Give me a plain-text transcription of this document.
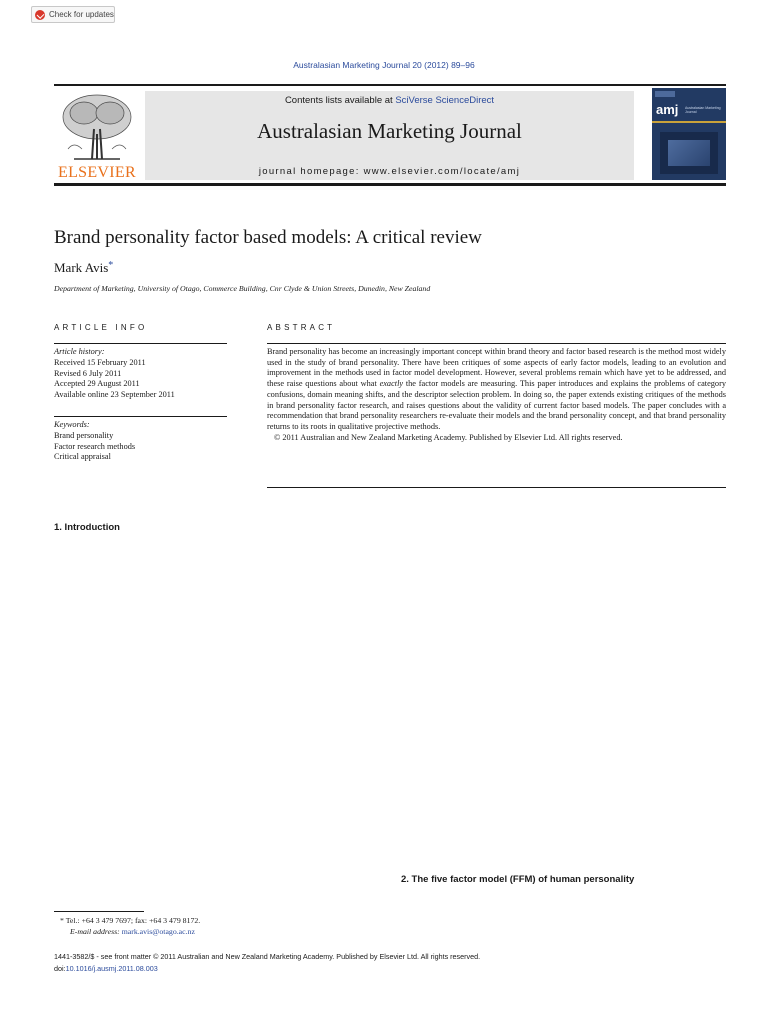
Check for updates
Australasian Marketing Journal 20 (2012) 89–96
ELSEVIER
Contents lists available at SciVerse ScienceDirect
Australasian Marketing Journal
journal homepage: www.elsevier.com/locate/amj
amj Australasian Marketing Journal
Brand personality factor based models: A critical review
Mark Avis*
Department of Marketing, University of Otago, Commerce Building, Cnr Clyde & Union Streets, Dunedin, New Zealand
ARTICLE INFO	ABSTRACT
Article history:
Received 15 February 2011
Revised 6 July 2011
Accepted 29 August 2011
Available online 23 September 2011
Keywords:
Brand personality
Factor research methods
Critical appraisal
Brand personality has become an increasingly important concept within brand theory and factor based research is the method most widely used in the study of brand personality. There have been critiques of some aspects of early factor models, leading to an evolution and improvement in the methods used in factor model development. However, several problems remain which have yet to be addressed, and these raise questions about what exactly the factor models are measuring. This paper introduces and explains the problems of category confusions, domain meaning shifts, and the descriptor selection problem. In doing so, the paper extends existing critiques of the methods in brand personality factor research, and raises questions about the validity of current factor based models. The paper concludes with a recommendation that brand personality researchers re-evaluate their models and the brand personality concept, and that brand personality returns to its roots in qualitative projective methods.
© 2011 Australian and New Zealand Marketing Academy. Published by Elsevier Ltd. All rights reserved.
1. Introduction
2. The five factor model (FFM) of human personality
* Tel.: +64 3 479 7697; fax: +64 3 479 8172.
E-mail address: mark.avis@otago.ac.nz
1441-3582/$ - see front matter © 2011 Australian and New Zealand Marketing Academy. Published by Elsevier Ltd. All rights reserved.
doi:10.1016/j.ausmj.2011.08.003
